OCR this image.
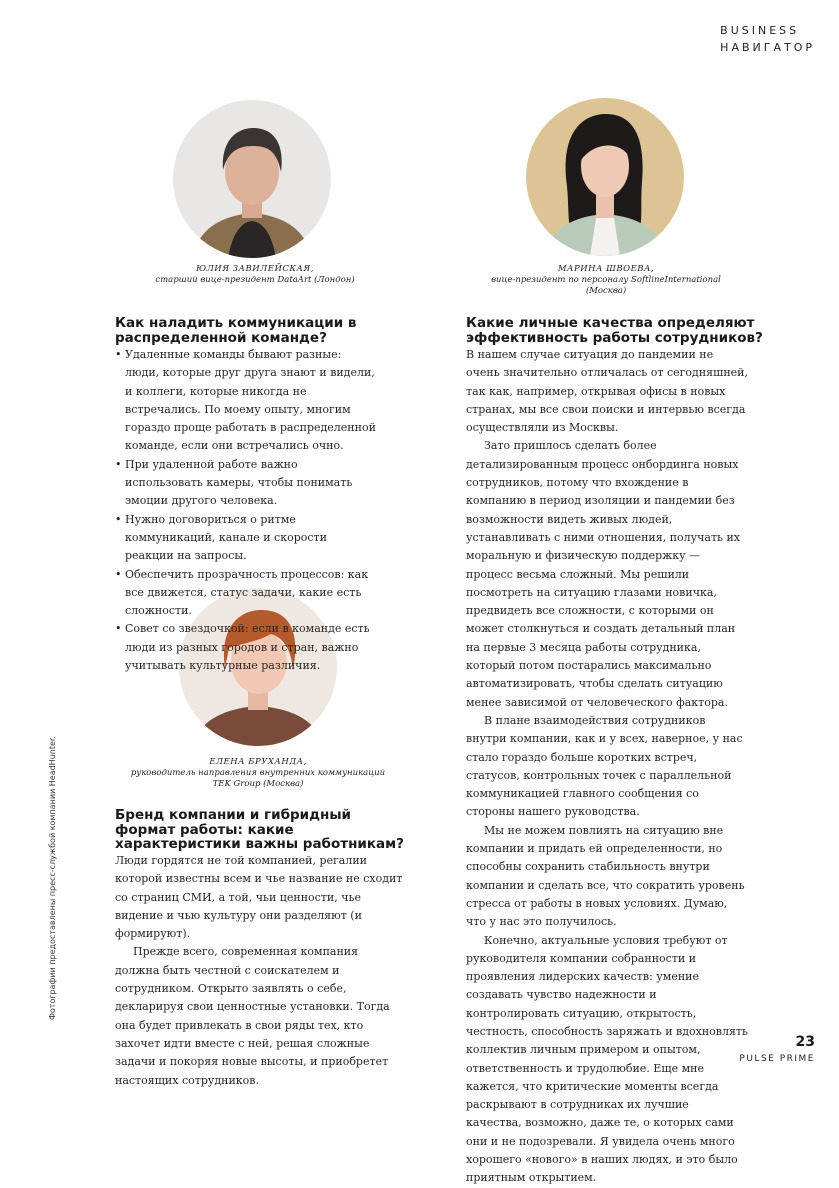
BUSINESS
НАВИГАТОР
ЮЛИЯ ЗАВИЛЕЙСКАЯ,
старший вице-президент DataArt (Лондон)
МАРИНА ШВОЕВА,
вице-президент по персоналу SoftlineInternational (Москва)
ЕЛЕНА БРУХАНДА,
руководитель направления внутренних коммуникаций
TEK Group (Москва)
Как наладить коммуникации в распределенной команде?
• Удаленные команды бывают разные: люди, которые друг друга знают и видели, и коллеги, которые никогда не встречались. По моему опыту, многим гораздо проще работать в распределенной команде, если они встречались очно.
• При удаленной работе важно использовать камеры, чтобы понимать эмоции другого человека.
• Нужно договориться о ритме коммуникаций, канале и скорости реакции на запросы.
• Обеспечить прозрачность процессов: как все движется, статус задачи, какие есть сложности.
• Совет со звездочкой: если в команде есть люди из разных городов и стран, важно учитывать культурные различия.
Бренд компании и гибридный формат работы: какие характеристики важны работникам?

Люди гордятся не той компанией, регалии которой известны всем и чье название не сходит со страниц СМИ, а той, чьи ценности, чье видение и чью культуру они разделяют (и формируют).

Прежде всего, современная компания должна быть честной с соискателем и сотрудником. Открыто заявлять о себе, декларируя свои ценностные установки. Тогда она будет привлекать в свои ряды тех, кто захочет идти вместе с ней, решая сложные задачи и покоряя новые высоты, и приобретет настоящих сотрудников.

Какие личные качества определяют эффективность работы сотрудников?

В нашем случае ситуация до пандемии не очень значительно отличалась от сегодняшней, так как, например, открывая офисы в новых странах, мы все свои поиски и интервью всегда осуществляли из Москвы.

Зато пришлось сделать более детализированным процесс онбординга новых сотрудников, потому что вхождение в компанию в период изоляции и пандемии без возможности видеть живых людей, устанавливать с ними отношения, получать их моральную и физическую поддержку — процесс весьма сложный. Мы решили посмотреть на ситуацию глазами новичка, предвидеть все сложности, с которыми он может столкнуться и создать детальный план на первые 3 месяца работы сотрудника, который потом постарались максимально автоматизировать, чтобы сделать ситуацию менее зависимой от человеческого фактора.

В плане взаимодействия сотрудников внутри компании, как и у всех, наверное, у нас стало гораздо больше коротких встреч, статусов, контрольных точек с параллельной коммуникацией главного сообщения со стороны нашего руководства.

Мы не можем повлиять на ситуацию вне компании и придать ей определенности, но способны сохранить стабильность внутри компании и сделать все, что сократить уровень стресса от работы в новых условиях. Думаю, что у нас это получилось.

Конечно, актуальные условия требуют от руководителя компании собранности и проявления лидерских качеств: умение создавать чувство надежности и контролировать ситуацию, открытость, честность, способность заряжать и вдохновлять коллектив личным примером и опытом, ответственность и трудолюбие. Еще мне кажется, что критические моменты всегда раскрывают в сотрудниках их лучшие качества, возможно, даже те, о которых сами они и не подозревали. Я увидела очень много хорошего «нового» в наших людях, и это было приятным открытием.

Фотографии предоставлены пресс-службой компании HeadHunter.
23
PULSE PRIME
